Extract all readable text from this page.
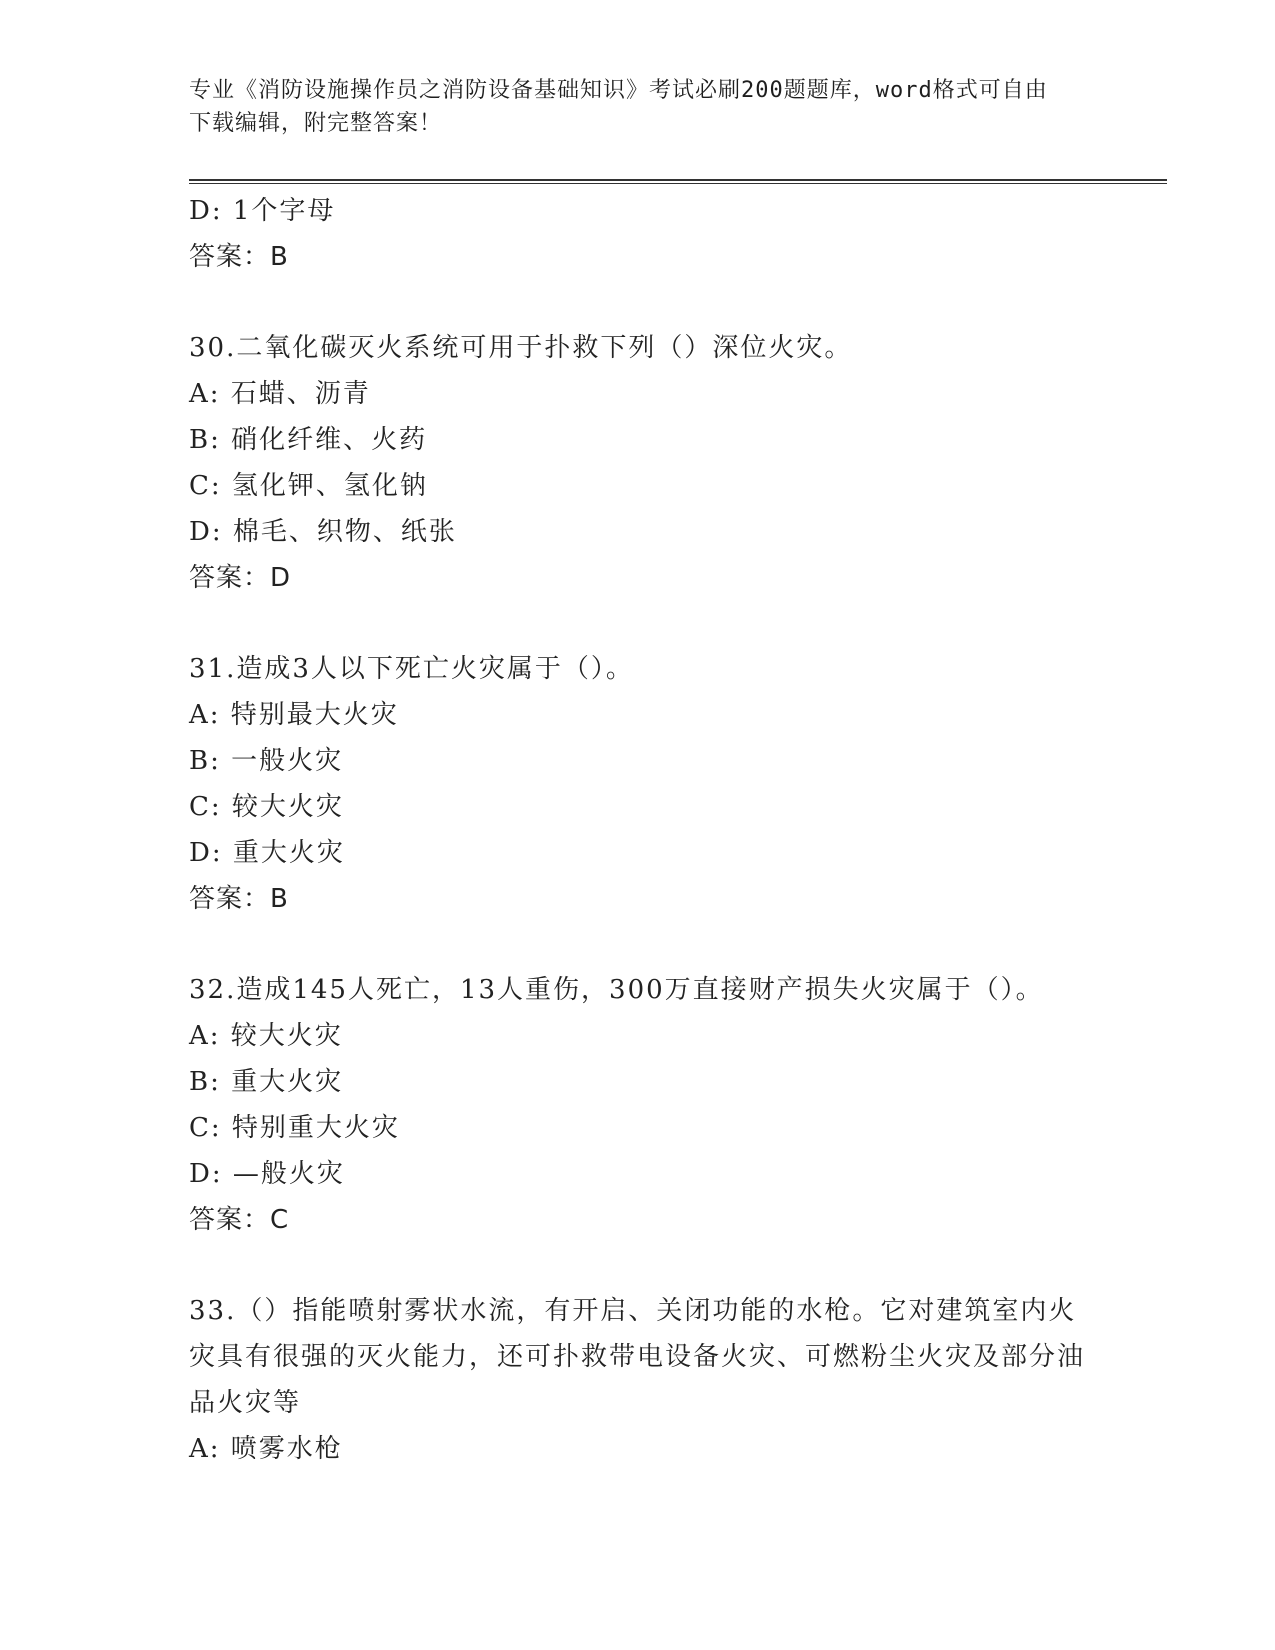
专业《消防设施操作员之消防设备基础知识》考试必刷200题题库，word格式可自由下载编辑，附完整答案！
D: 1个字母
答案：B
30.二氧化碳灭火系统可用于扑救下列（）深位火灾。
A: 石蜡、沥青
B: 硝化纤维、火药
C: 氢化钾、氢化钠
D: 棉毛、织物、纸张
答案：D
31.造成3人以下死亡火灾属于（）。
A: 特别最大火灾
B: 一般火灾
C: 较大火灾
D: 重大火灾
答案：B
32.造成145人死亡，13人重伤，300万直接财产损失火灾属于（）。
A: 较大火灾
B: 重大火灾
C: 特别重大火灾
D: —般火灾
答案：C
33.（）指能喷射雾状水流，有开启、关闭功能的水枪。它对建筑室内火灾具有很强的灭火能力，还可扑救带电设备火灾、可燃粉尘火灾及部分油品火灾等
A: 喷雾水枪
